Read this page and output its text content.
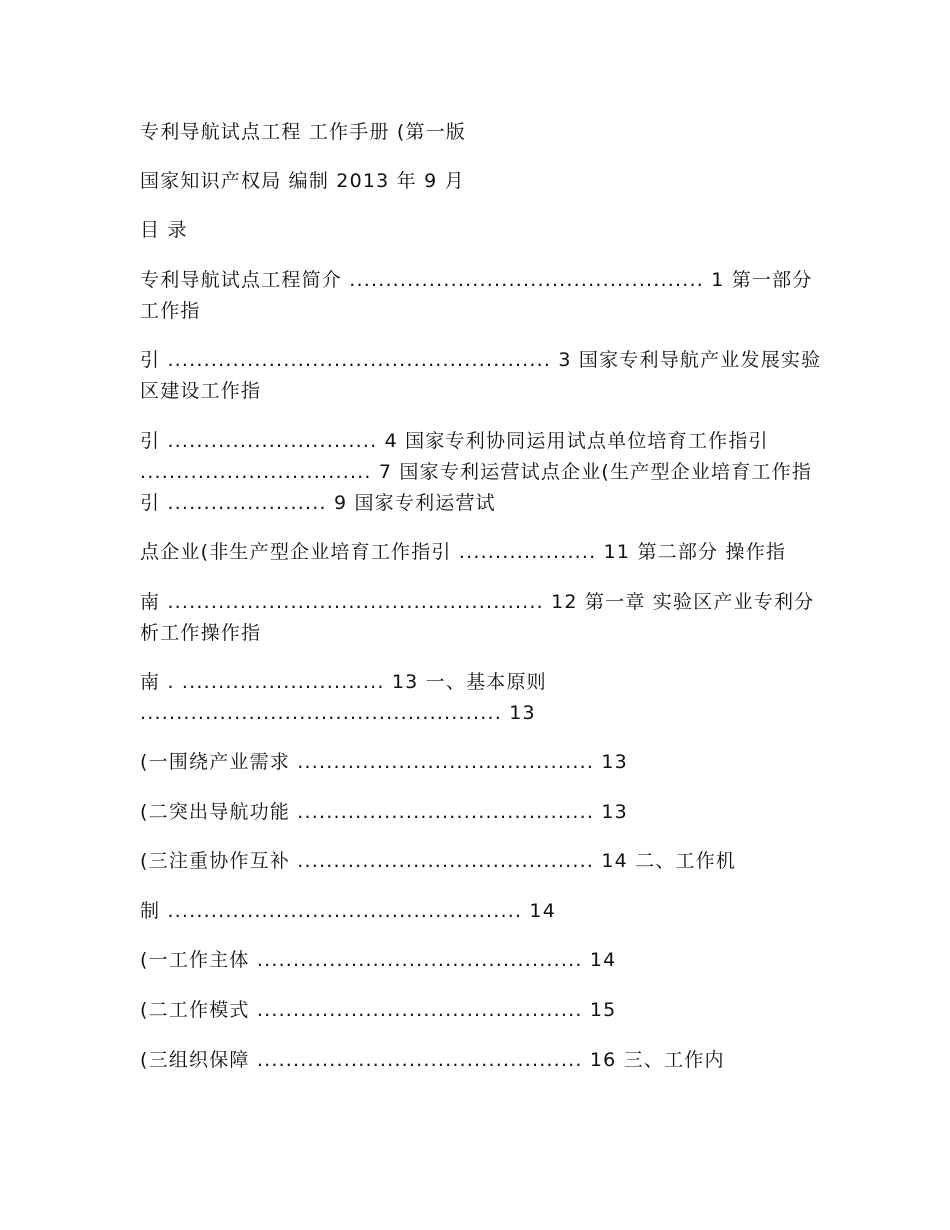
专利导航试点工程 工作手册 (第一版

国家知识产权局 编制 2013 年 9 月

目 录

专利导航试点工程简介 ................................................. 1 第一部分 工作指

引 ..................................................... 3 国家专利导航产业发展实验区建设工作指

引 ............................. 4 国家专利协同运用试点单位培育工作指引 ................................ 7 国家专利运营试点企业(生产型企业培育工作指引 ...................... 9 国家专利运营试

点企业(非生产型企业培育工作指引 ................... 11 第二部分 操作指

南 .................................................... 12 第一章 实验区产业专利分析工作操作指

南 . ............................ 13 一、基本原则 .................................................. 13

(一围绕产业需求 ......................................... 13

(二突出导航功能 ......................................... 13

(三注重协作互补 ......................................... 14 二、工作机

制 ................................................. 14

(一工作主体 ............................................. 14

(二工作模式 ............................................. 15

(三组织保障 ............................................. 16 三、工作内
